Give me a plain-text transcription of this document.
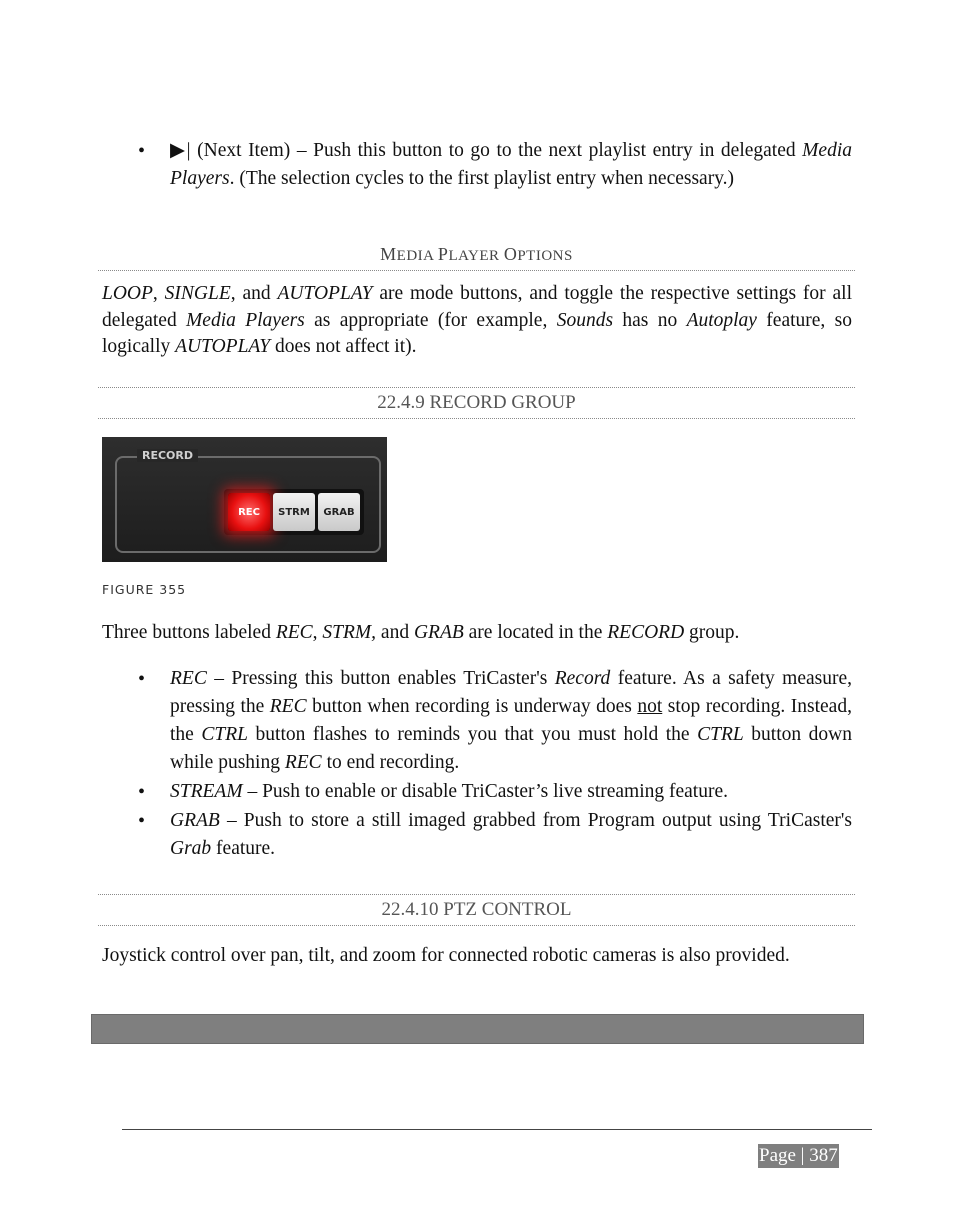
• ▶| (Next Item) – Push this button to go to the next playlist entry in delegated Media Players. (The selection cycles to the first playlist entry when necessary.)
MEDIA PLAYER OPTIONS
LOOP, SINGLE, and AUTOPLAY are mode buttons, and toggle the respective settings for all delegated Media Players as appropriate (for example, Sounds has no Autoplay feature, so logically AUTOPLAY does not affect it).
22.4.9 RECORD GROUP
RECORD
REC	STRM	GRAB
FIGURE 355
Three buttons labeled REC, STRM, and GRAB are located in the RECORD group.
• REC – Pressing this button enables TriCaster's Record feature. As a safety measure, pressing the REC button when recording is underway does not stop recording. Instead, the CTRL button flashes to reminds you that you must hold the CTRL button down while pushing REC to end recording.
• STREAM – Push to enable or disable TriCaster’s live streaming feature.
• GRAB – Push to store a still imaged grabbed from Program output using TriCaster's Grab feature.
22.4.10 PTZ CONTROL
Joystick control over pan, tilt, and zoom for connected robotic cameras is also provided.
Page | 387
